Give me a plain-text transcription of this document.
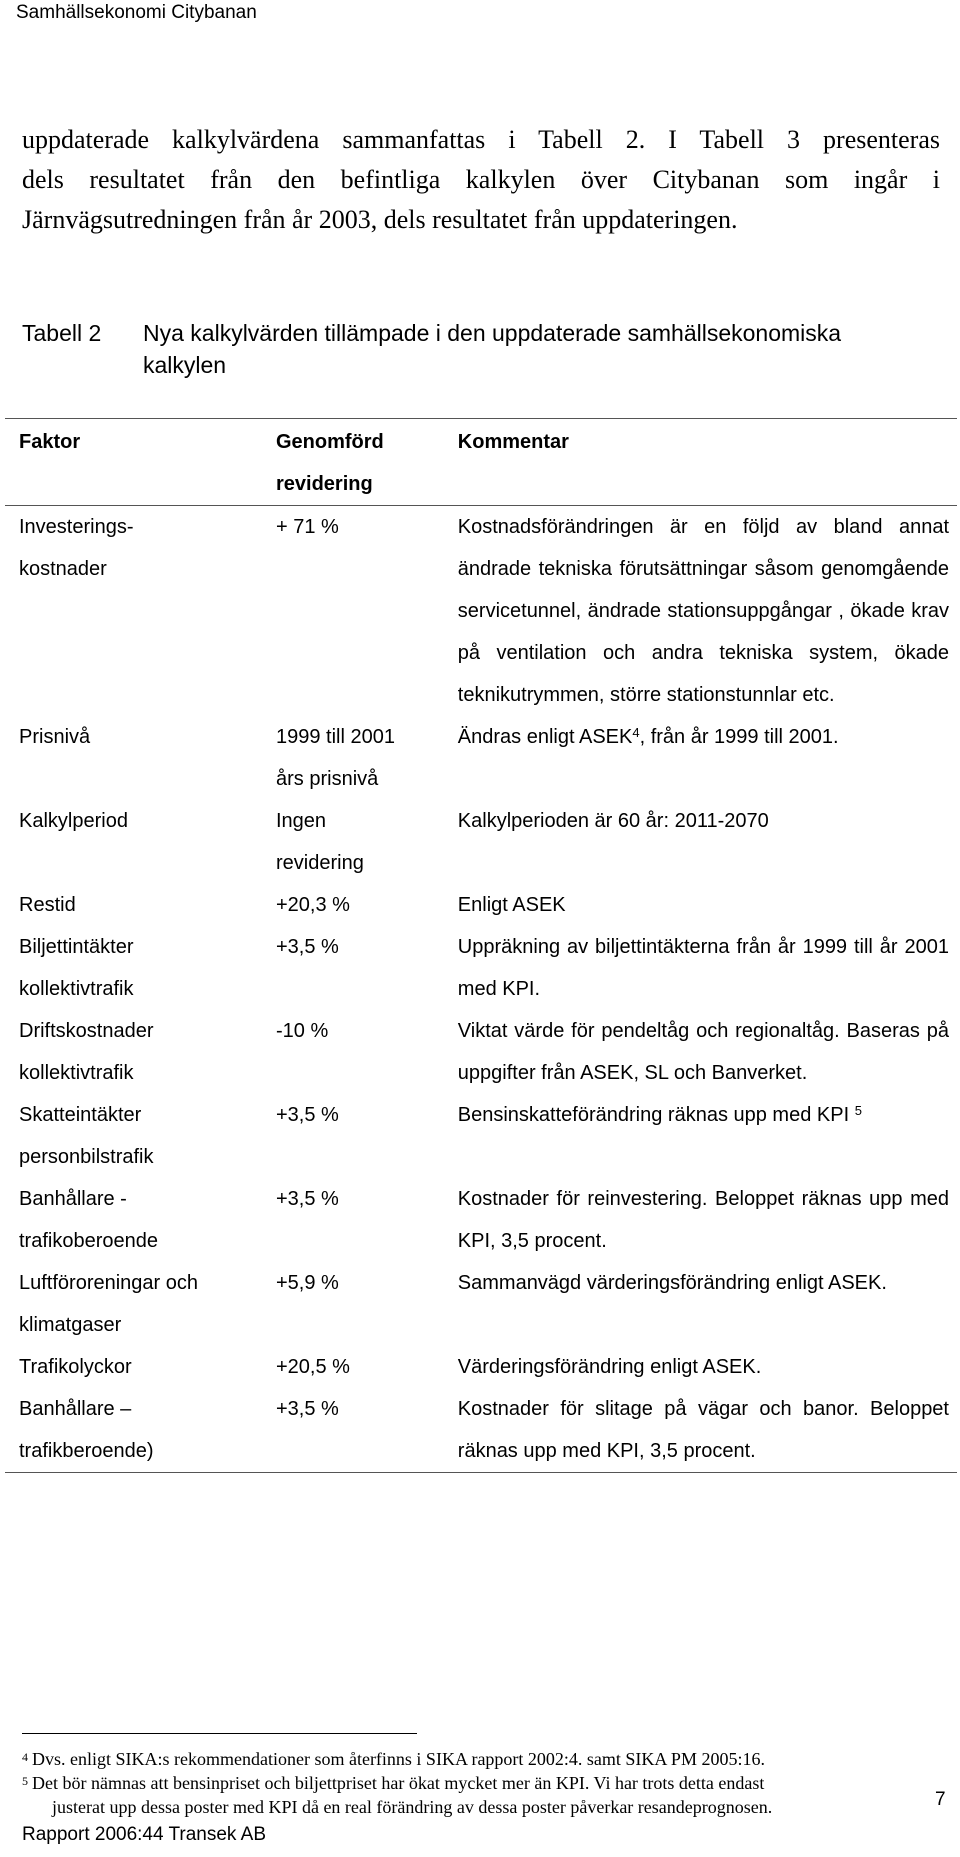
Samhällsekonomi Citybanan
uppdaterade kalkylvärdena sammanfattas i Tabell 2. I Tabell 3 presenteras
dels resultatet från den befintliga kalkylen över Citybanan som ingår i
Järnvägsutredningen från år 2003, dels resultatet från uppdateringen.
Tabell 2 Nya kalkylvärden tillämpade i den uppdaterade samhällsekonomiska kalkylen
Faktor	Genomförd revidering	Kommentar
Investerings-kostnader	+ 71 %	Kostnadsförändringen är en följd av bland annat ändrade tekniska förutsättningar såsom genomgående servicetunnel, ändrade stationsuppgångar , ökade krav på ventilation och andra tekniska system, ökade teknikutrymmen, större stationstunnlar etc.
Prisnivå	1999 till 2001 års prisnivå	Ändras enligt ASEK$^4$, från år 1999 till 2001.
Kalkylperiod	Ingen revidering	Kalkylperioden är 60 år: 2011-2070
Restid	+20,3 %	Enligt ASEK
Biljettintäkter kollektivtrafik	+3,5 %	Uppräkning av biljettintäkterna från år 1999 till år 2001 med KPI.
Driftskostnader kollektivtrafik	-10 %	Viktat värde för pendeltåg och regionaltåg. Baseras på uppgifter från ASEK, SL och Banverket.
Skatteintäkter personbilstrafik	+3,5 %	Bensinskatteförändring räknas upp med KPI $^5$
Banhållare - trafikoberoende	+3,5 %	Kostnader för reinvestering. Beloppet räknas upp med KPI, 3,5 procent.
Luftföroreningar och klimatgaser	+5,9 %	Sammanvägd värderingsförändring enligt ASEK.
Trafikolyckor	+20,5 %	Värderingsförändring enligt ASEK.
Banhållare – trafikberoende)	+3,5 %	Kostnader för slitage på vägar och banor. Beloppet räknas upp med KPI, 3,5 procent.
$^4$ Dvs. enligt SIKA:s rekommendationer som återfinns i SIKA rapport 2002:4. samt SIKA PM 2005:16.
$^5$ Det bör nämnas att bensinpriset och biljettpriset har ökat mycket mer än KPI. Vi har trots detta endast
justerat upp dessa poster med KPI då en real förändring av dessa poster påverkar resandeprognosen.	7
Rapport 2006:44 Transek AB
